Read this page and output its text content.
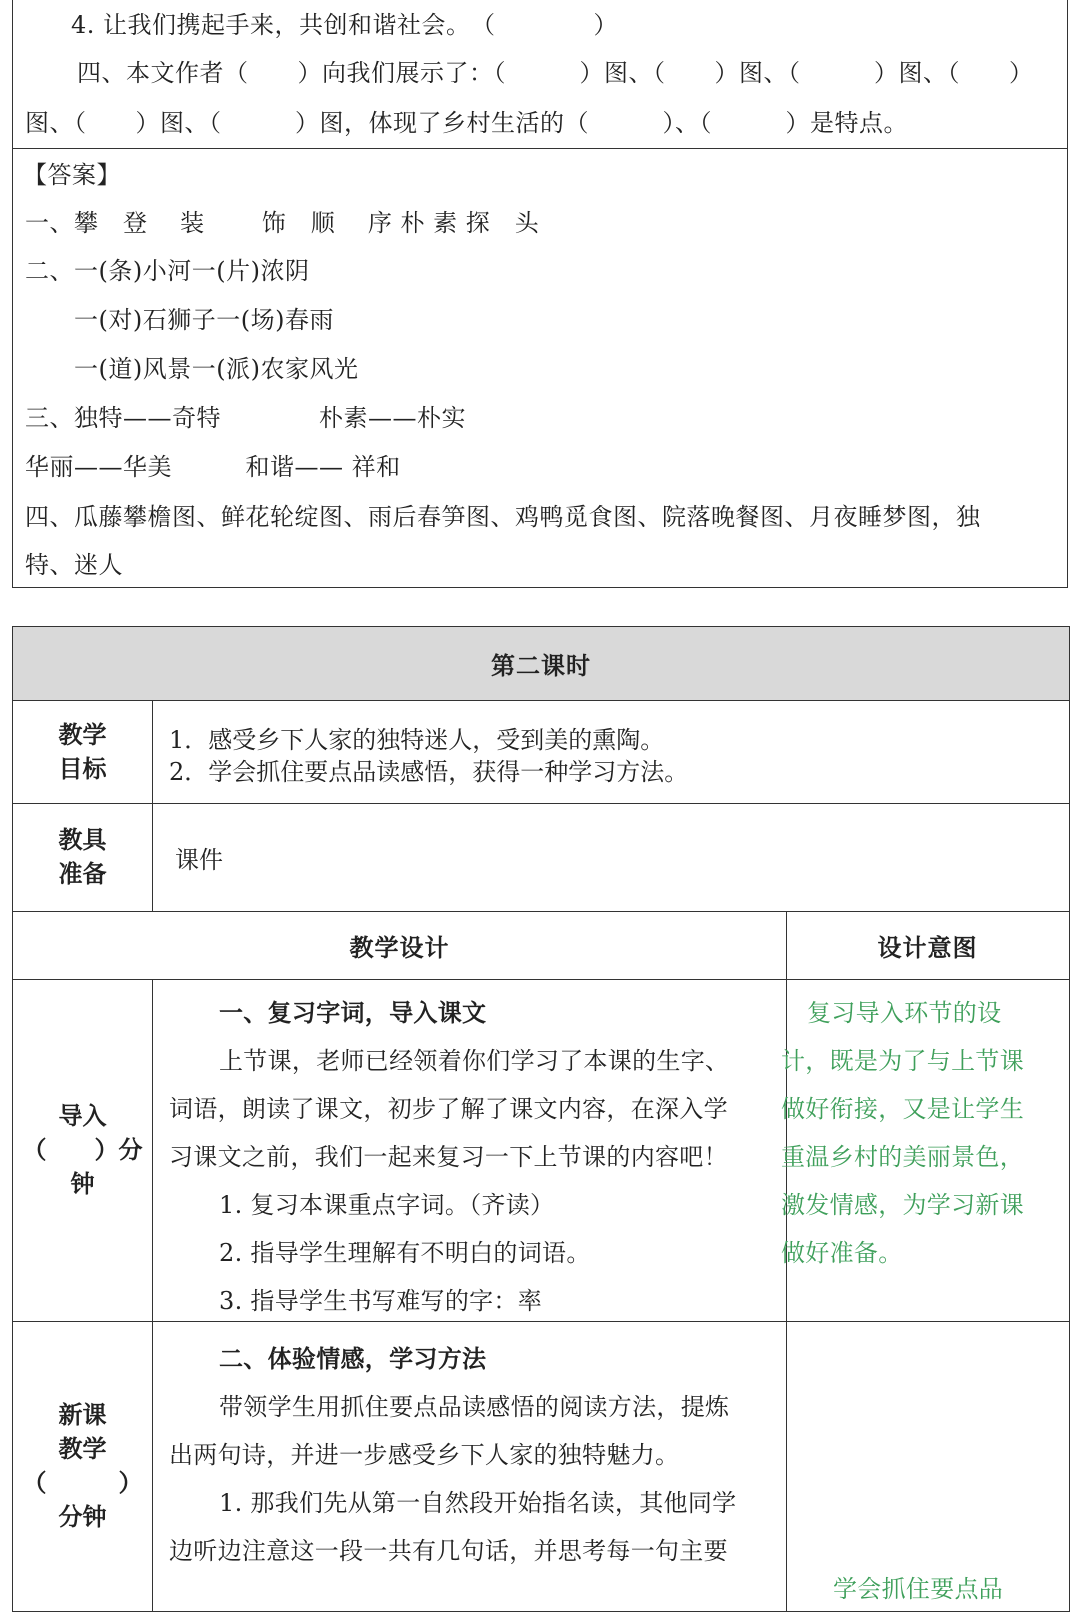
4. 让我们携起手来，共创和谐社会。　（　　　　）
四、本文作者（　　）向我们展示了：（　　　）图、（　　）图、（　　　）图、（　　）
图、（　　）图、（　　　）图，体现了乡村生活的（　　　）、（　　　）是特点。
【答案】
一、攀　登　 装　　 饰　顺　 序 朴 素 探　头
二、一(条)小河一(片)浓阴
　　一(对)石狮子一(场)春雨
　　一(道)风景一(派)农家风光
三、独特——奇特　　　　朴素——朴实
华丽——华美　　　和谐—— 祥和
四、瓜藤攀檐图、鲜花轮绽图、雨后春笋图、鸡鸭觅食图、院落晚餐图、月夜睡梦图，独
特、迷人
第二课时
教学
目标
1．感受乡下人家的独特迷人，受到美的熏陶。
2．学会抓住要点品读感悟，获得一种学习方法。
教具
准备	课件
教学设计	设计意图
导入
（　　）分
钟
一、复习字词，导入课文
上节课，老师已经领着你们学习了本课的生字、
词语，朗读了课文，初步了解了课文内容，在深入学
习课文之前，我们一起来复习一下上节课的内容吧！
1. 复习本课重点字词。（齐读）
2. 指导学生理解有不明白的词语。
3. 指导学生书写难写的字：率
复习导入环节的设
计，既是为了与上节课
做好衔接，又是让学生
重温乡村的美丽景色，
激发情感，为学习新课
做好准备。
新课
教学
（　　　）
分钟
二、体验情感，学习方法
带领学生用抓住要点品读感悟的阅读方法，提炼
出两句诗，并进一步感受乡下人家的独特魅力。
1. 那我们先从第一自然段开始指名读，其他同学
边听边注意这一段一共有几句话，并思考每一句主要
学会抓住要点品
